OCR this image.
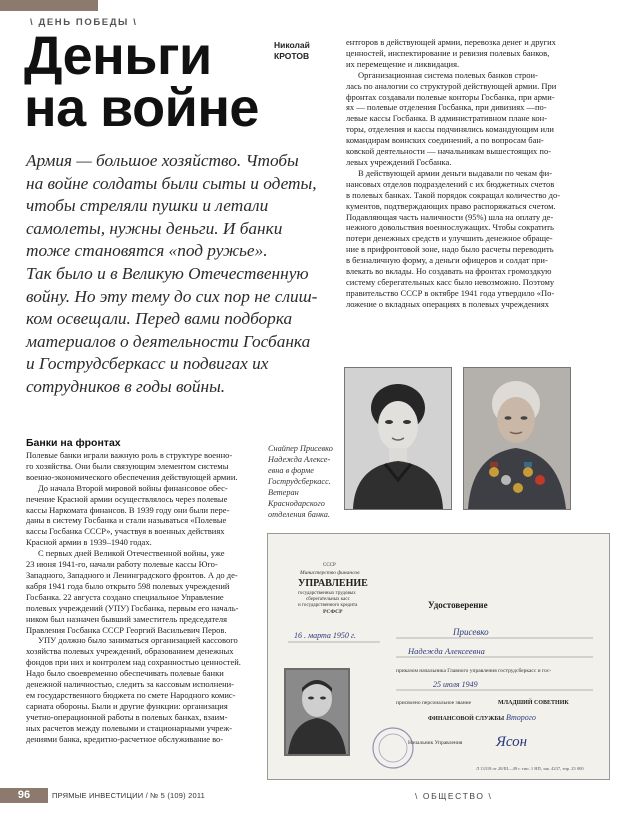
\ ДЕНЬ ПОБЕДЫ \
Деньги
на войне
Николай
КРОТОВ
Армия — большое хозяйство. Чтобы
на войне солдаты были сыты и одеты,
чтобы стреляли пушки и летали
самолеты, нужны деньги. И банки
тоже становятся «под ружье».
Так было и в Великую Отечественную
войну. Но эту тему до сих пор не слиш-
ком освещали. Перед вами подборка
материалов о деятельности Госбанка
и Гострудсберкасс и подвигах их
сотрудников в годы войны.
ентгоров в действующей армии, перевозка денег и других
ценностей, инспектирование и ревизия полевых банков,
их перемещение и ликвидация.
Организационная система полевых банков строи-
лась по аналогии со структурой действующей армии. При
фронтах создавали полевые конторы Госбанка, при арми-
ях — полевые отделения Госбанка, при дивизиях —по-
левые кассы Госбанка. В административном плане кон-
торы, отделения и кассы подчинялись командующим или
командирам воинских соединений, а по вопросам бан-
ковской деятельности — начальникам вышестоящих по-
левых учреждений Госбанка.
В действующей армии деньги выдавали по чекам фи-
нансовых отделов подразделений с их бюджетных счетов
в полевых банках. Такой порядок сокращал количество до-
кументов, подтверждающих право распоряжаться счетом.
Подавляющая часть наличности (95%) шла на оплату де-
нежного довольствия военнослужащих. Чтобы сократить
потери денежных средств и улучшить денежное обраще-
ние в прифронтовой зоне, надо было расчеты переводить
в безналичную форму, а деньги офицеров и солдат при-
влекать во вклады. Но создавать на фронтах громоздкую
систему сберегательных касс было невозможно. Поэтому
правительство СССР в октябре 1941 года утвердило «По-
ложение о вкладных операциях в полевых учреждениях
Снайпер Присевко
Надежда Алексе-
евна в форме
Гострудсберкасс.
Ветеран
Краснодарского
отделения банка.
Банки на фронтах
Полевые банки играли важную роль в структуре военно-
го хозяйства. Они были связующим элементом системы
военно-экономического обеспечения действующей армии.
До начала Второй мировой войны финансовое обес-
печение Красной армии осуществлялось через полевые
кассы Наркомата финансов. В 1939 году они были пере-
даны в систему Госбанка и стали называться «Полевые
кассы Госбанка СССР», участвуя в военных действиях
Красной армии в 1939–1940 годах.
С первых дней Великой Отечественной войны, уже
23 июня 1941-го, начали работу полевые кассы Юго-
Западного, Западного и Ленинградского фронтов. А до де-
кабря 1941 года было открыто 598 полевых учреждений
Госбанка. 22 августа создано специальное Управление
полевых учреждений (УПУ) Госбанка, первым его началь-
ником был назначен бывший заместитель председателя
Правления Госбанка СССР Георгий Васильевич Перов.
УПУ должно было заниматься организацией кассового
хозяйства полевых учреждений, образованием денежных
фондов при них и контролем над сохранностью ценностей.
Надо было своевременно обеспечивать полевые банки
денежной наличностью, следить за кассовым исполнени-
ем государственного бюджета по смете Народного комис-
сариата обороны. Были и другие функции: организация
учетно-операционной работы в полевых банках, взаим-
ных расчетов между полевыми и стационарными учреж-
дениями банка, кредитно-расчетное обслуживание во-
СССР
Министерство финансов
УПРАВЛЕНИЕ
государственных трудовых
сберегательных касс
и государственного кредита
РСФСР
16 . марта 1950 г.
Удостоверение
Присевко
Надежда Алексеевна
приказом начальника Главного управления гострудсберкасс и гос-
25 июля 1949
присвоено персональное звание	МЛАДШИЙ СОВЕТНИК
ФИНАНСОВОЙ СЛУЖБЫ Второго
Начальник Управления Ясон
Л 13318 от 20/III—49 г. тип. 1 НП, зак. 4237, тир. 25 000
96	ПРЯМЫЕ ИНВЕСТИЦИИ / № 5 (109) 2011	\ ОБЩЕСТВО \
